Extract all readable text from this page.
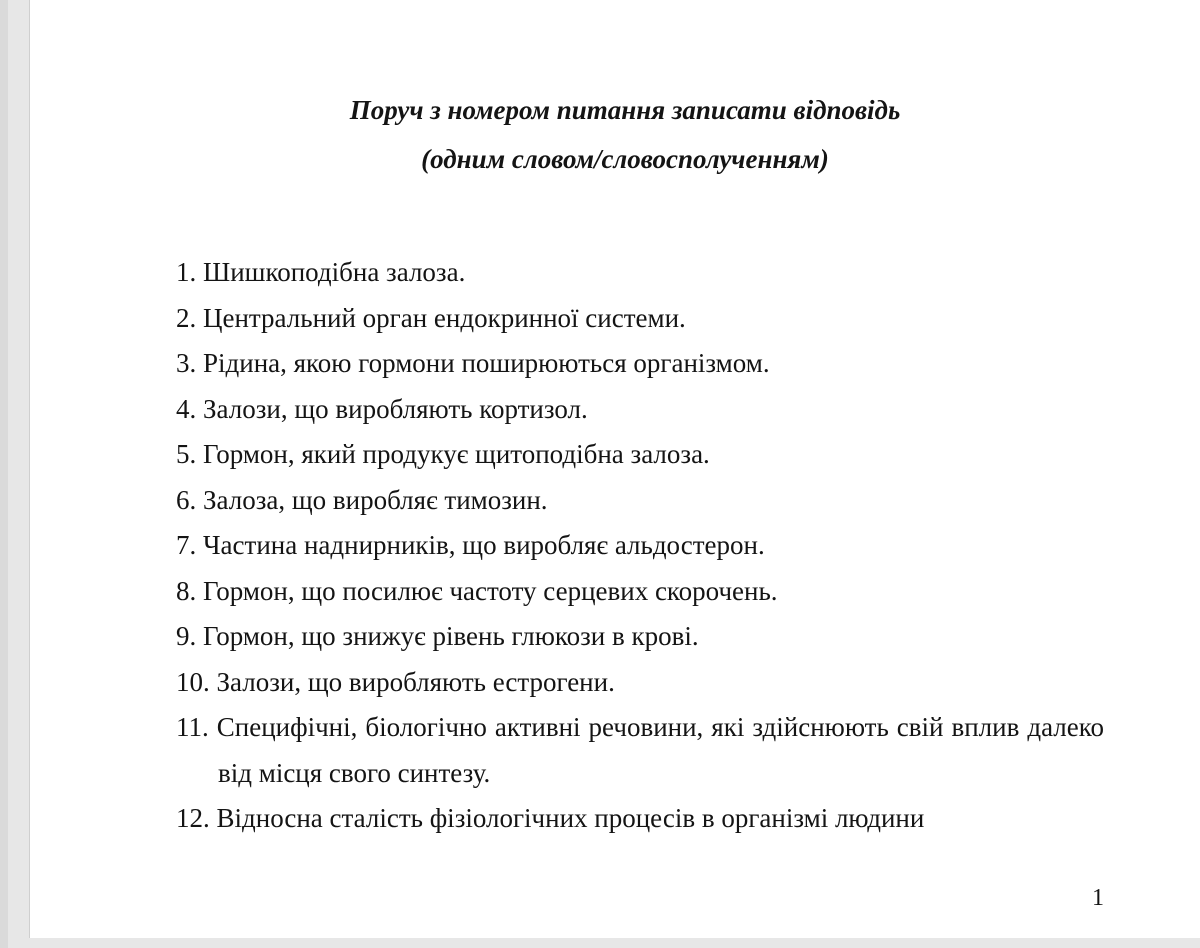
Поруч з номером питання записати відповідь
(одним словом/словосполученням)

1. Шишкоподібна залоза.

2. Центральний орган ендокринної системи.

3. Рідина, якою гормони поширюються організмом.

4. Залози, що виробляють кортизол.

5. Гормон, який продукує щитоподібна залоза.

6. Залоза, що виробляє тимозин.

7. Частина наднирників, що виробляє альдостерон.

8. Гормон, що посилює частоту серцевих скорочень.

9. Гормон, що знижує рівень глюкози в крові.

10. Залози, що виробляють естрогени.

11. Специфічні, біологічно активні речовини, які здійснюють свій вплив далеко від місця свого синтезу.

12. Відносна сталість фізіологічних процесів в організмі людини

1
